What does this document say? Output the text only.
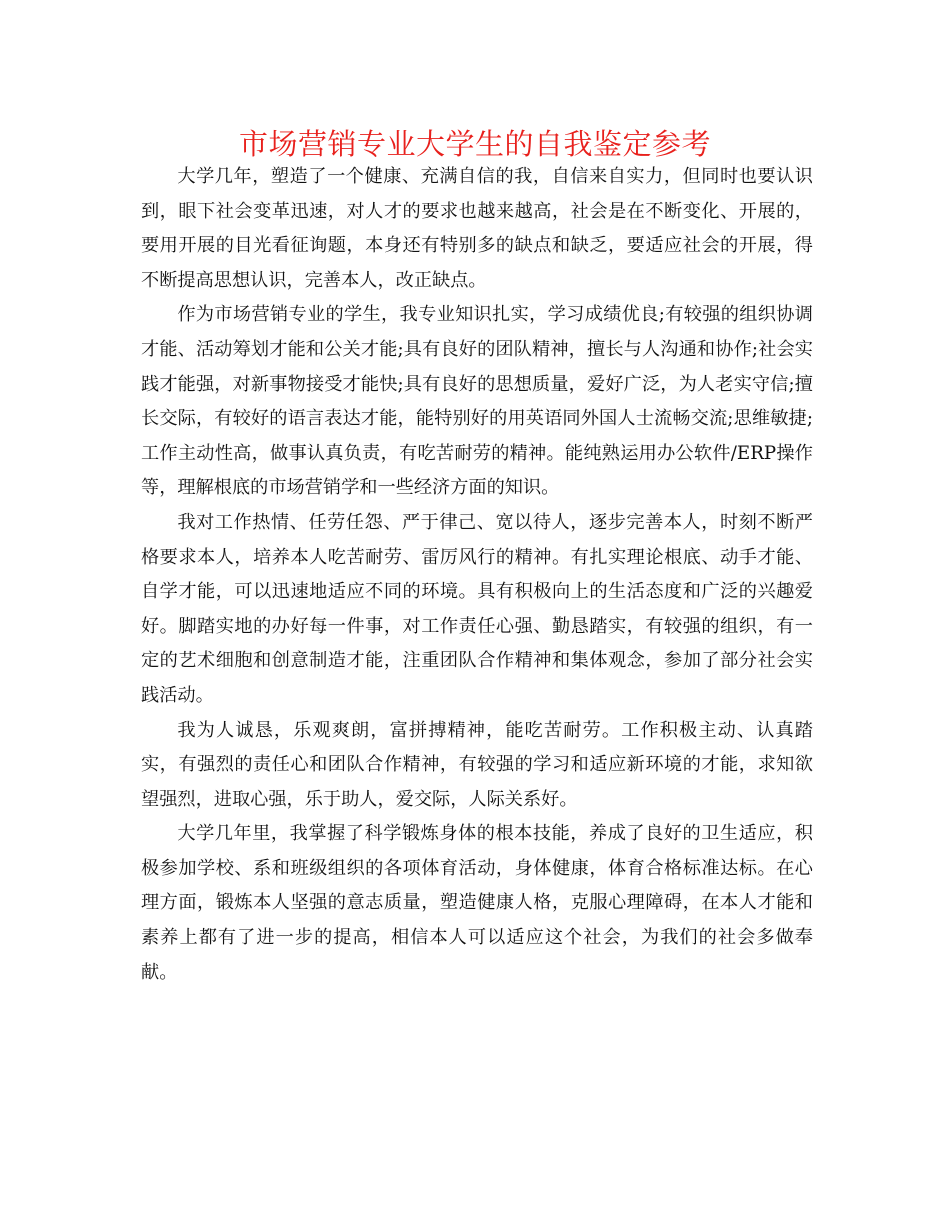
市场营销专业大学生的自我鉴定参考

大学几年，塑造了一个健康、充满自信的我，自信来自实力，但同时也要认识到，眼下社会变革迅速，对人才的要求也越来越高，社会是在不断变化、开展的，要用开展的目光看征询题，本身还有特别多的缺点和缺乏，要适应社会的开展，得不断提高思想认识，完善本人，改正缺点。

作为市场营销专业的学生，我专业知识扎实，学习成绩优良;有较强的组织协调才能、活动筹划才能和公关才能;具有良好的团队精神，擅长与人沟通和协作;社会实践才能强，对新事物接受才能快;具有良好的思想质量，爱好广泛，为人老实守信;擅长交际，有较好的语言表达才能，能特别好的用英语同外国人士流畅交流;思维敏捷;工作主动性高，做事认真负责，有吃苦耐劳的精神。能纯熟运用办公软件/ERP操作等，理解根底的市场营销学和一些经济方面的知识。

我对工作热情、任劳任怨、严于律己、宽以待人，逐步完善本人，时刻不断严格要求本人，培养本人吃苦耐劳、雷厉风行的精神。有扎实理论根底、动手才能、自学才能，可以迅速地适应不同的环境。具有积极向上的生活态度和广泛的兴趣爱好。脚踏实地的办好每一件事，对工作责任心强、勤恳踏实，有较强的组织，有一定的艺术细胞和创意制造才能，注重团队合作精神和集体观念，参加了部分社会实践活动。

我为人诚恳，乐观爽朗，富拼搏精神，能吃苦耐劳。工作积极主动、认真踏实，有强烈的责任心和团队合作精神，有较强的学习和适应新环境的才能，求知欲望强烈，进取心强，乐于助人，爱交际，人际关系好。

大学几年里，我掌握了科学锻炼身体的根本技能，养成了良好的卫生适应，积极参加学校、系和班级组织的各项体育活动，身体健康，体育合格标准达标。在心理方面，锻炼本人坚强的意志质量，塑造健康人格，克服心理障碍，在本人才能和素养上都有了进一步的提高，相信本人可以适应这个社会，为我们的社会多做奉献。
